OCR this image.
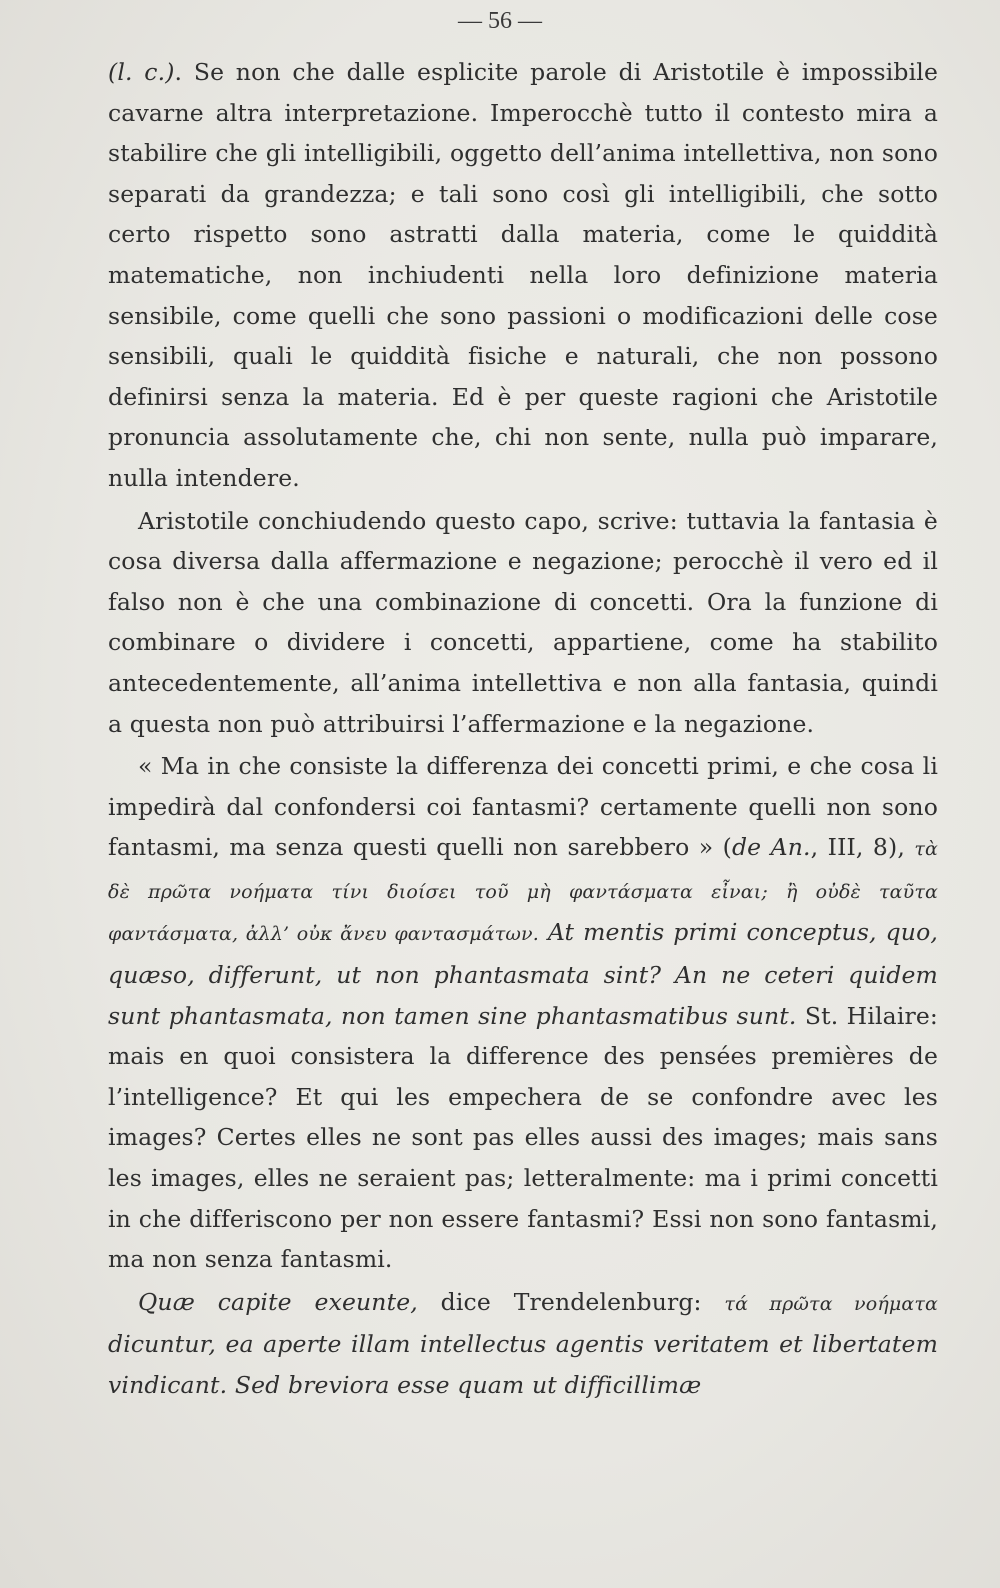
— 56 —

(l. c.). Se non che dalle esplicite parole di Aristotile è impossibile cavarne altra interpretazione. Imperocchè tutto il contesto mira a stabilire che gli intelligibili, oggetto dell’anima intellettiva, non sono separati da grandezza; e tali sono così gli intelligibili, che sotto certo rispetto sono astratti dalla materia, come le quiddità matematiche, non inchiudenti nella loro definizione materia sensibile, come quelli che sono passioni o modificazioni delle cose sensibili, quali le quiddità fisiche e naturali, che non possono definirsi senza la materia. Ed è per queste ragioni che Aristotile pronuncia assolutamente che, chi non sente, nulla può imparare, nulla intendere.

Aristotile conchiudendo questo capo, scrive: tuttavia la fantasia è cosa diversa dalla affermazione e negazione; perocchè il vero ed il falso non è che una combinazione di concetti. Ora la funzione di combinare o dividere i concetti, appartiene, come ha stabilito antecedentemente, all’anima intellettiva e non alla fantasia, quindi a questa non può attribuirsi l’affermazione e la negazione.

« Ma in che consiste la differenza dei concetti primi, e che cosa li impedirà dal confondersi coi fantasmi? certamente quelli non sono fantasmi, ma senza questi quelli non sarebbero » (de An., III, 8), τὰ δὲ πρῶτα νοήματα τίνι διοίσει τοῦ μὴ φαντάσματα εἶναι; ἢ οὐδὲ ταῦτα φαντάσματα, ἀλλ’ οὐκ ἄνευ φαντασμάτων. At mentis primi conceptus, quo, quæso, differunt, ut non phantasmata sint? An ne ceteri quidem sunt phantasmata, non tamen sine phantasmatibus sunt. St. Hilaire: mais en quoi consistera la difference des pensées premières de l’intelligence? Et qui les empechera de se confondre avec les images? Certes elles ne sont pas elles aussi des images; mais sans les images, elles ne seraient pas; letteralmente: ma i primi concetti in che differiscono per non essere fantasmi? Essi non sono fantasmi, ma non senza fantasmi.

Quæ capite exeunte, dice Trendelenburg: τά πρῶτα νοήματα dicuntur, ea aperte illam intellectus agentis veritatem et libertatem vindicant. Sed breviora esse quam ut difficillimæ
